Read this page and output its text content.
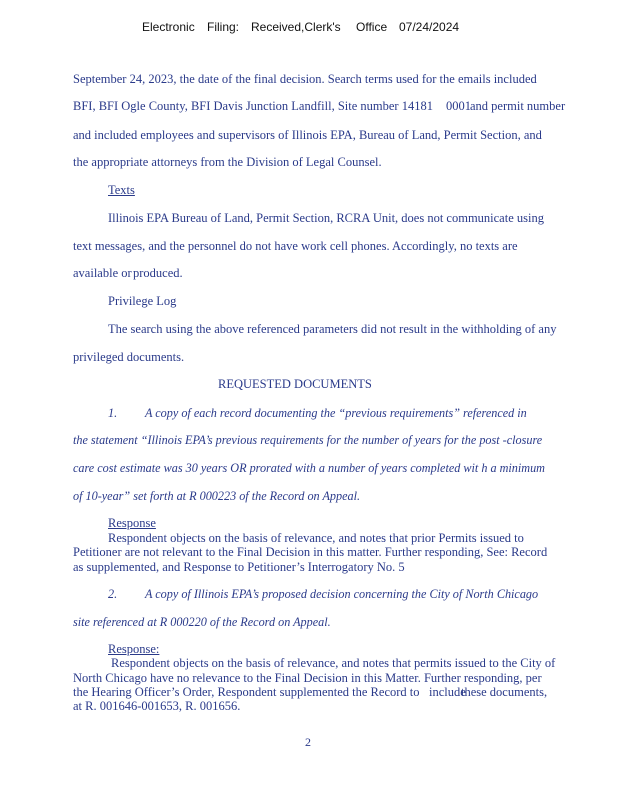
Electronic Filing: Received,Clerk's Office 07/24/2024
September 24, 2023, the date of the final decision. Search terms used for the emails included
BFI, BFI Ogle County, BFI Davis Junction Landfill, Site number 14181 0001 and permit number
and included employees and supervisors of Illinois EPA, Bureau of Land, Permit Section, and
the appropriate attorneys from the Division of Legal Counsel.
Texts
Illinois EPA Bureau of Land, Permit Section, RCRA Unit, does not communicate using
text messages, and the personnel do not have work cell phones. Accordingly, no texts are
available or produced.
Privilege Log
The search using the above referenced parameters did not result in the withholding of any
privileged documents.
REQUESTED DOCUMENTS
1. A copy of each record documenting the “previous requirements” referenced in
the statement “Illinois EPA’s previous requirements for the number of years for the post -closure
care cost estimate was 30 years OR prorated with a number of years completed wit h a minimum
of 10-year” set forth at R 000223 of the Record on Appeal.
Response
Respondent objects on the basis of relevance, and notes that prior Permits issued to
Petitioner are not relevant to the Final Decision in this matter. Further responding, See: Record
as supplemented, and Response to Petitioner’s Interrogatory No. 5
2. A copy of Illinois EPA’s proposed decision concerning the City of North Chicago
site referenced at R 000220 of the Record on Appeal.
Response:
Respondent objects on the basis of relevance, and notes that permits issued to the City of
North Chicago have no relevance to the Final Decision in this Matter. Further responding, per
the Hearing Officer’s Order, Respondent supplemented the Record to include
these documents,
at R. 001646-001653, R. 001656.
2
